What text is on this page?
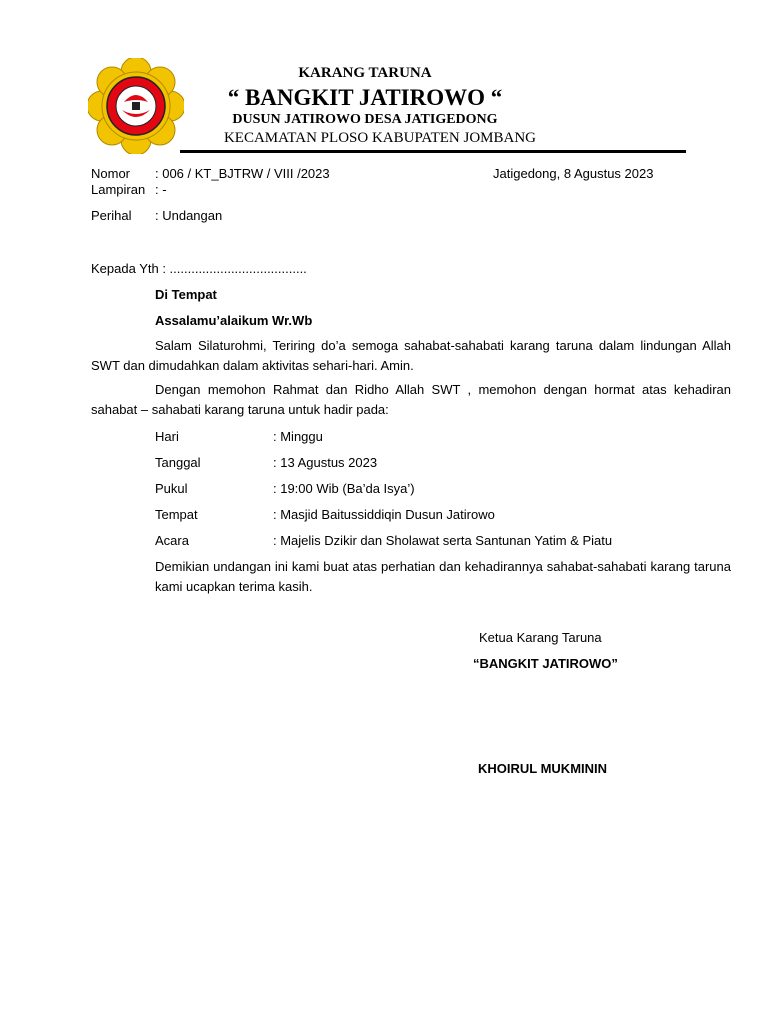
KARANG TARUNA
“ BANGKIT JATIROWO “
DUSUN JATIROWO DESA JATIGEDONG
KECAMATAN PLOSO KABUPATEN JOMBANG
Nomor : 006 / KT_BJTRW / VIII /2023	Jatigedong, 8 Agustus 2023
Lampiran : -
Perihal : Undangan
Kepada Yth : ......................................
Di Tempat
Assalamu’alaikum Wr.Wb
Salam Silaturohmi, Teriring do’a semoga sahabat-sahabati karang taruna dalam lindungan Allah SWT dan dimudahkan dalam aktivitas sehari-hari. Amin.
Dengan memohon Rahmat dan Ridho Allah SWT , memohon dengan hormat atas kehadiran sahabat – sahabati karang taruna untuk hadir pada:
Hari	: Minggu
Tanggal	: 13 Agustus 2023
Pukul	: 19:00 Wib (Ba’da Isya’)
Tempat	: Masjid Baitussiddiqin Dusun Jatirowo
Acara	: Majelis Dzikir dan Sholawat serta Santunan Yatim & Piatu
Demikian undangan ini kami buat atas perhatian dan kehadirannya sahabat-sahabati karang taruna kami ucapkan terima kasih.
Ketua Karang Taruna
“BANGKIT JATIROWO”
KHOIRUL MUKMININ
